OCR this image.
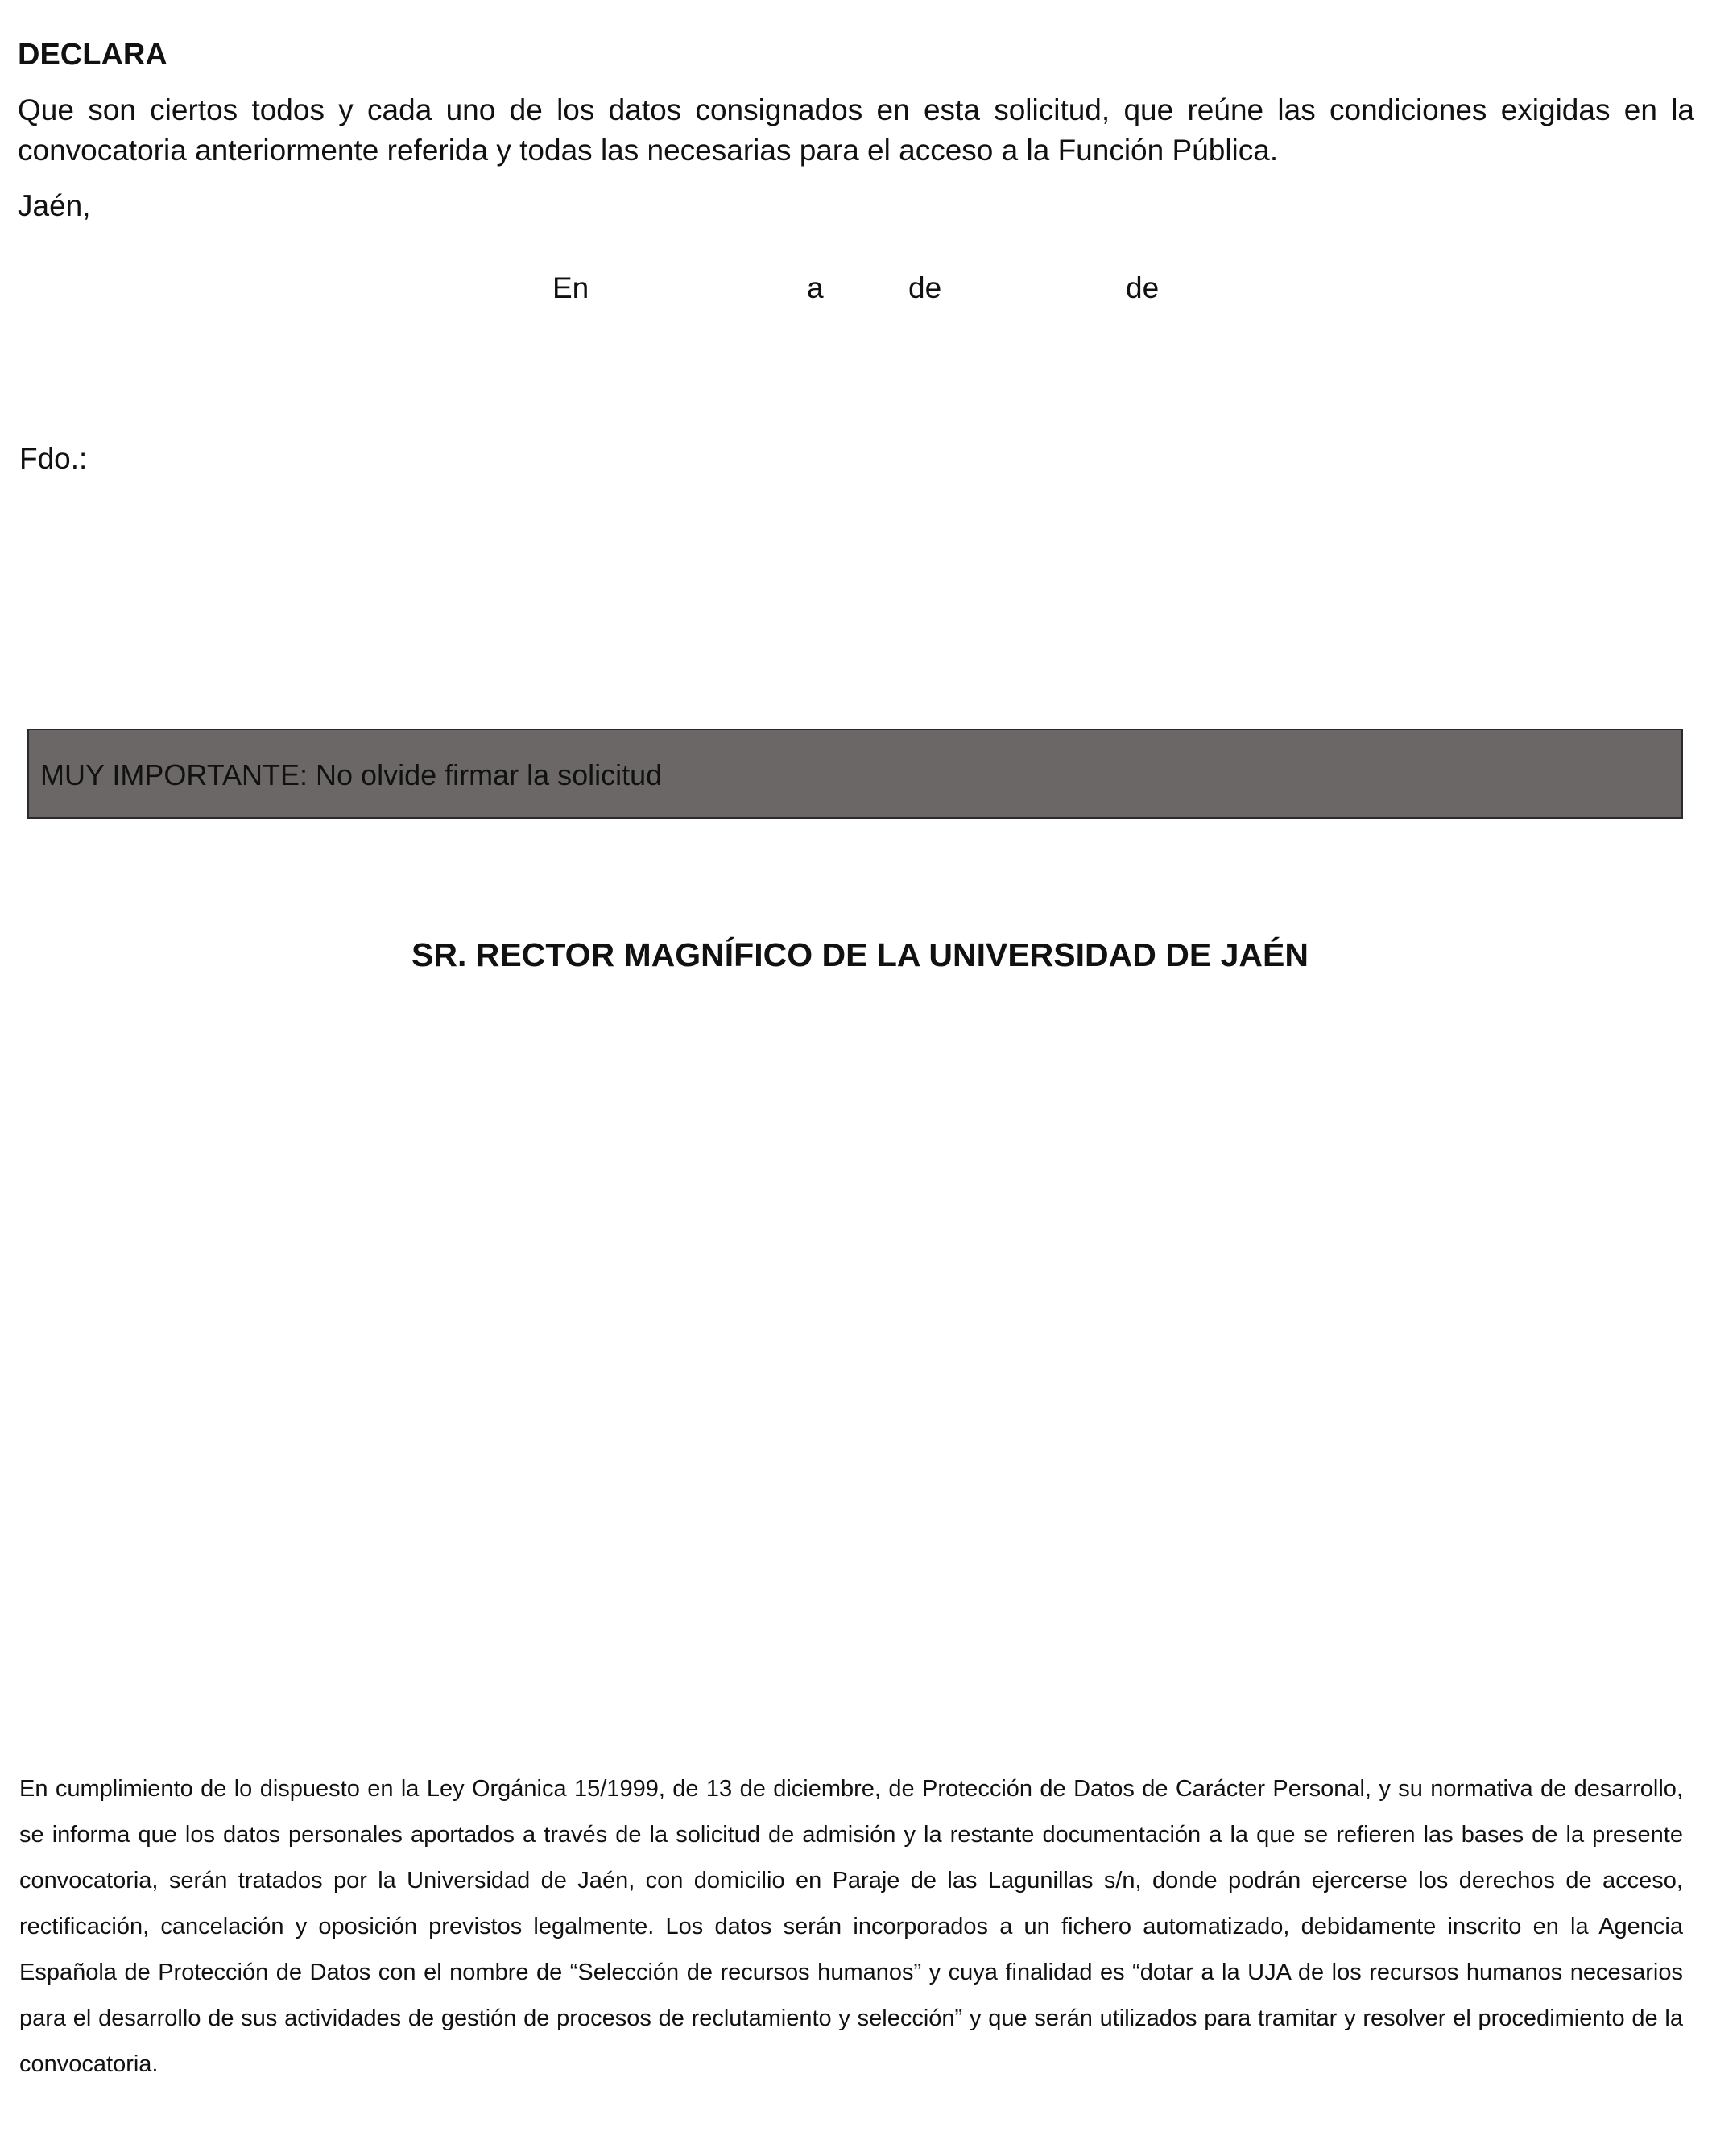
DECLARA
Que son ciertos todos y cada uno de los datos consignados en esta solicitud, que reúne las condiciones exigidas en la convocatoria anteriormente referida y todas las necesarias para el acceso a la Función Pública.
Jaén,
En	a	de	de
Fdo.:
MUY IMPORTANTE: No olvide firmar la solicitud
SR. RECTOR MAGNÍFICO DE LA UNIVERSIDAD DE JAÉN
En cumplimiento de lo dispuesto en la Ley Orgánica 15/1999, de 13 de diciembre, de Protección de Datos de Carácter Personal, y su normativa de desarrollo, se informa que los datos personales aportados a través de la solicitud de admisión y la restante documentación a la que se refieren las bases de la presente convocatoria, serán tratados por la Universidad de Jaén, con domicilio en Paraje de las Lagunillas s/n, donde podrán ejercerse los derechos de acceso, rectificación, cancelación y oposición previstos legalmente. Los datos serán incorporados a un fichero automatizado, debidamente inscrito en la Agencia Española de Protección de Datos con el nombre de “Selección de recursos humanos” y cuya finalidad es “dotar a la UJA de los recursos humanos necesarios para el desarrollo de sus actividades de gestión de procesos de reclutamiento y selección” y que serán utilizados para tramitar y resolver el procedimiento de la convocatoria.
